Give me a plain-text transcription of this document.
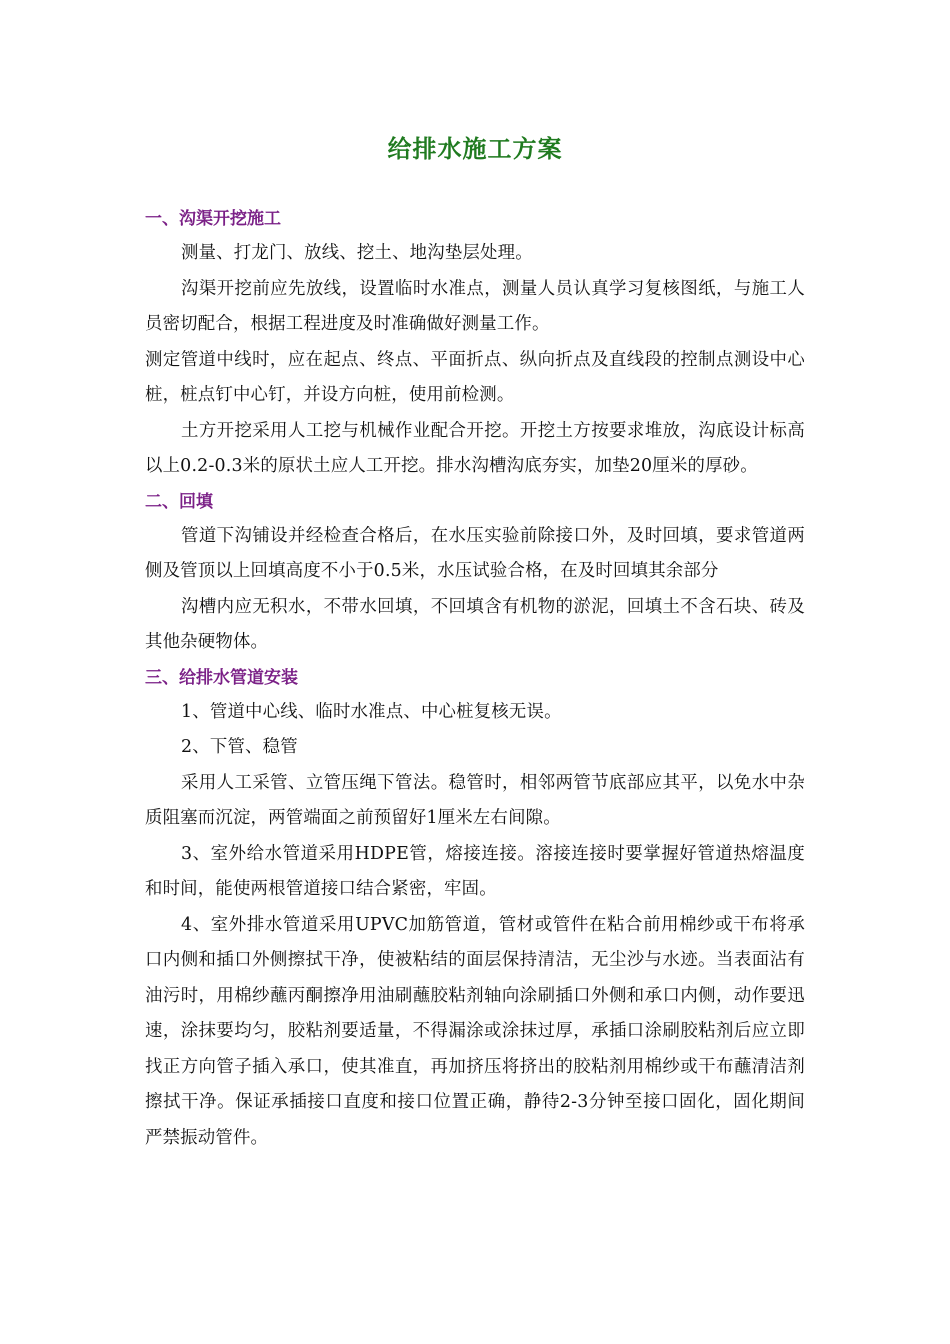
给排水施工方案

一、沟渠开挖施工

测量、打龙门、放线、挖土、地沟垫层处理。

沟渠开挖前应先放线，设置临时水准点，测量人员认真学习复核图纸，与施工人员密切配合，根据工程进度及时准确做好测量工作。

测定管道中线时，应在起点、终点、平面折点、纵向折点及直线段的控制点测设中心桩，桩点钉中心钉，并设方向桩，使用前检测。

土方开挖采用人工挖与机械作业配合开挖。开挖土方按要求堆放，沟底设计标高以上0.2-0.3米的原状土应人工开挖。排水沟槽沟底夯实，加垫20厘米的厚砂。

二、回填

管道下沟铺设并经检查合格后，在水压实验前除接口外，及时回填，要求管道两侧及管顶以上回填高度不小于0.5米，水压试验合格，在及时回填其余部分

沟槽内应无积水，不带水回填，不回填含有机物的淤泥，回填土不含石块、砖及其他杂硬物体。

三、给排水管道安装

1、管道中心线、临时水准点、中心桩复核无误。

2、下管、稳管

采用人工采管、立管压绳下管法。稳管时，相邻两管节底部应其平，以免水中杂质阻塞而沉淀，两管端面之前预留好1厘米左右间隙。

3、室外给水管道采用HDPE管，熔接连接。溶接连接时要掌握好管道热熔温度和时间，能使两根管道接口结合紧密，牢固。

4、室外排水管道采用UPVC加筋管道，管材或管件在粘合前用棉纱或干布将承口内侧和插口外侧擦拭干净，使被粘结的面层保持清洁，无尘沙与水迹。当表面沾有油污时，用棉纱蘸丙酮擦净用油刷蘸胶粘剂轴向涂刷插口外侧和承口内侧，动作要迅速，涂抹要均匀，胶粘剂要适量，不得漏涂或涂抹过厚，承插口涂刷胶粘剂后应立即找正方向管子插入承口，使其准直，再加挤压将挤出的胶粘剂用棉纱或干布蘸清洁剂擦拭干净。保证承插接口直度和接口位置正确，静待2-3分钟至接口固化，固化期间严禁振动管件。
